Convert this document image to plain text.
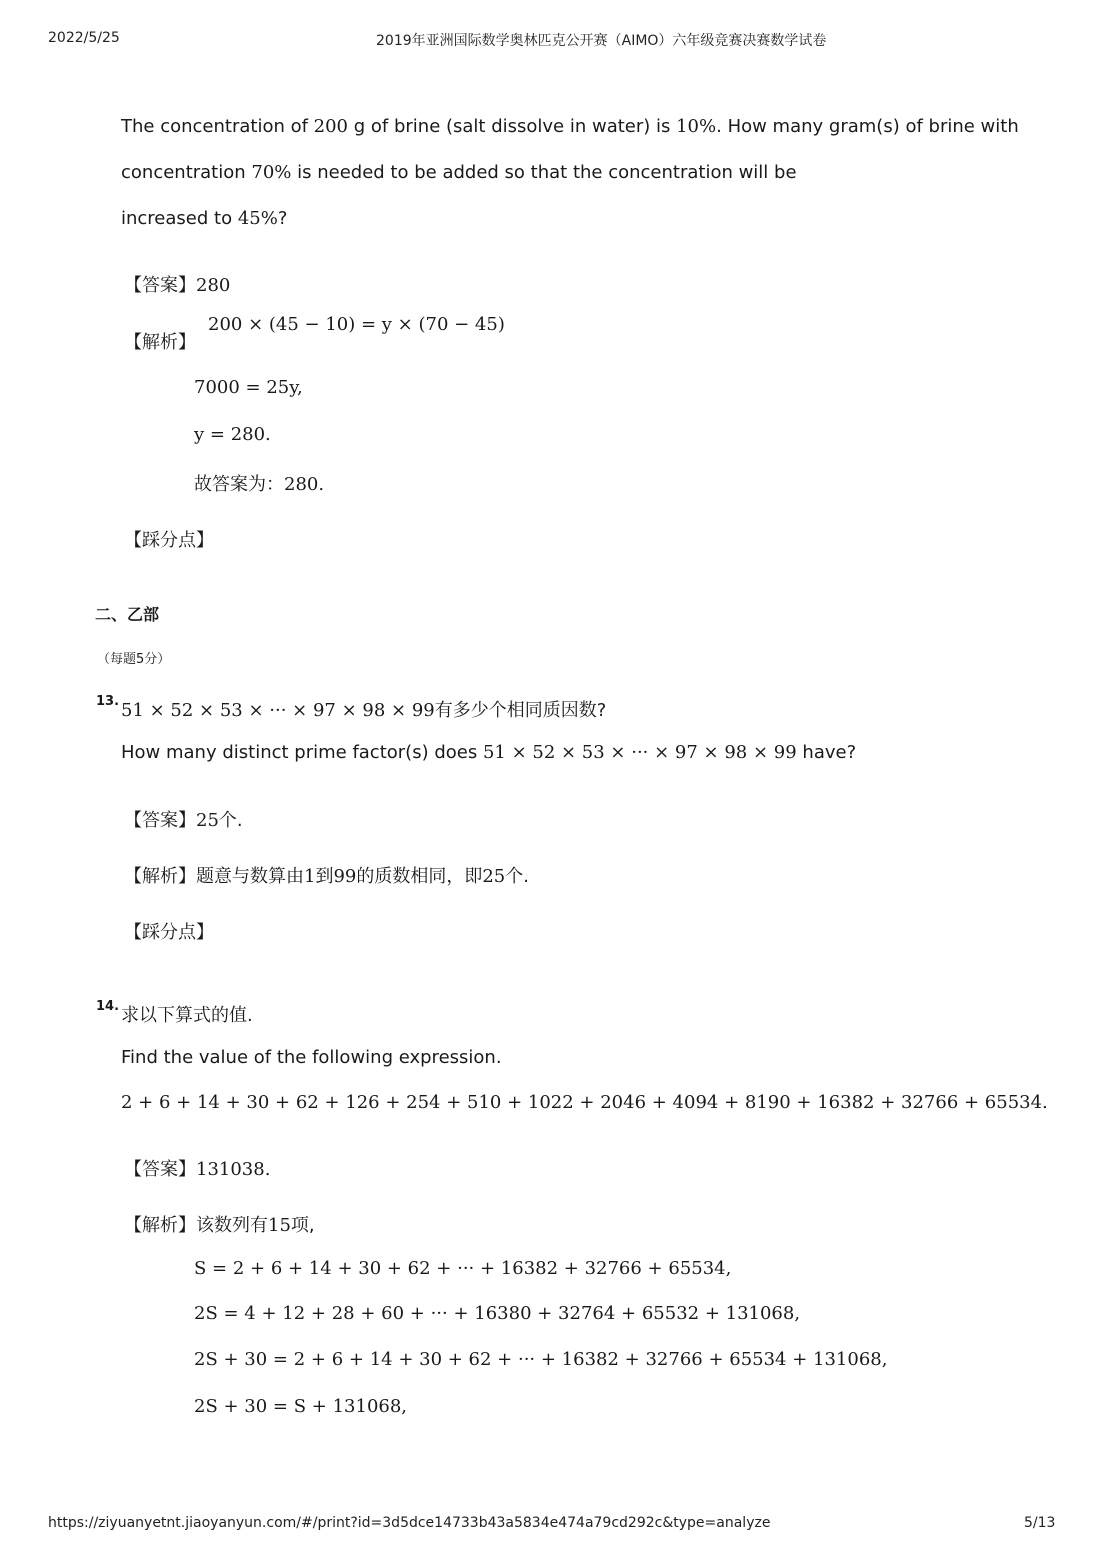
2022/5/25	2019年亚洲国际数学奥林匹克公开赛（AIMO）六年级竞赛决赛数学试卷
The concentration of 200 g of brine (salt dissolve in water) is 10%. How many gram(s) of brine with
concentration 70% is needed to be added so that the concentration will be
increased to 45%?
【答案】280
【解析】
200 × (45 − 10) = y × (70 − 45)
7000 = 25y,
y = 280.
故答案为：280.
【踩分点】
二、乙部
（每题5分）
13. 51 × 52 × 53 × ··· × 97 × 98 × 99有多少个相同质因数?
How many distinct prime factor(s) does 51 × 52 × 53 × ··· × 97 × 98 × 99 have?
【答案】25个.
【解析】题意与数算由1到99的质数相同，即25个.
【踩分点】
14. 求以下算式的值.
Find the value of the following expression.
2 + 6 + 14 + 30 + 62 + 126 + 254 + 510 + 1022 + 2046 + 4094 + 8190 + 16382 + 32766 + 65534.
【答案】131038.
【解析】该数列有15项,
S = 2 + 6 + 14 + 30 + 62 + ··· + 16382 + 32766 + 65534,
2S = 4 + 12 + 28 + 60 + ··· + 16380 + 32764 + 65532 + 131068,
2S + 30 = 2 + 6 + 14 + 30 + 62 + ··· + 16382 + 32766 + 65534 + 131068,
2S + 30 = S + 131068,
https://ziyuanyetnt.jiaoyanyun.com/#/print?id=3d5dce14733b43a5834e474a79cd292c&type=analyze	5/13
